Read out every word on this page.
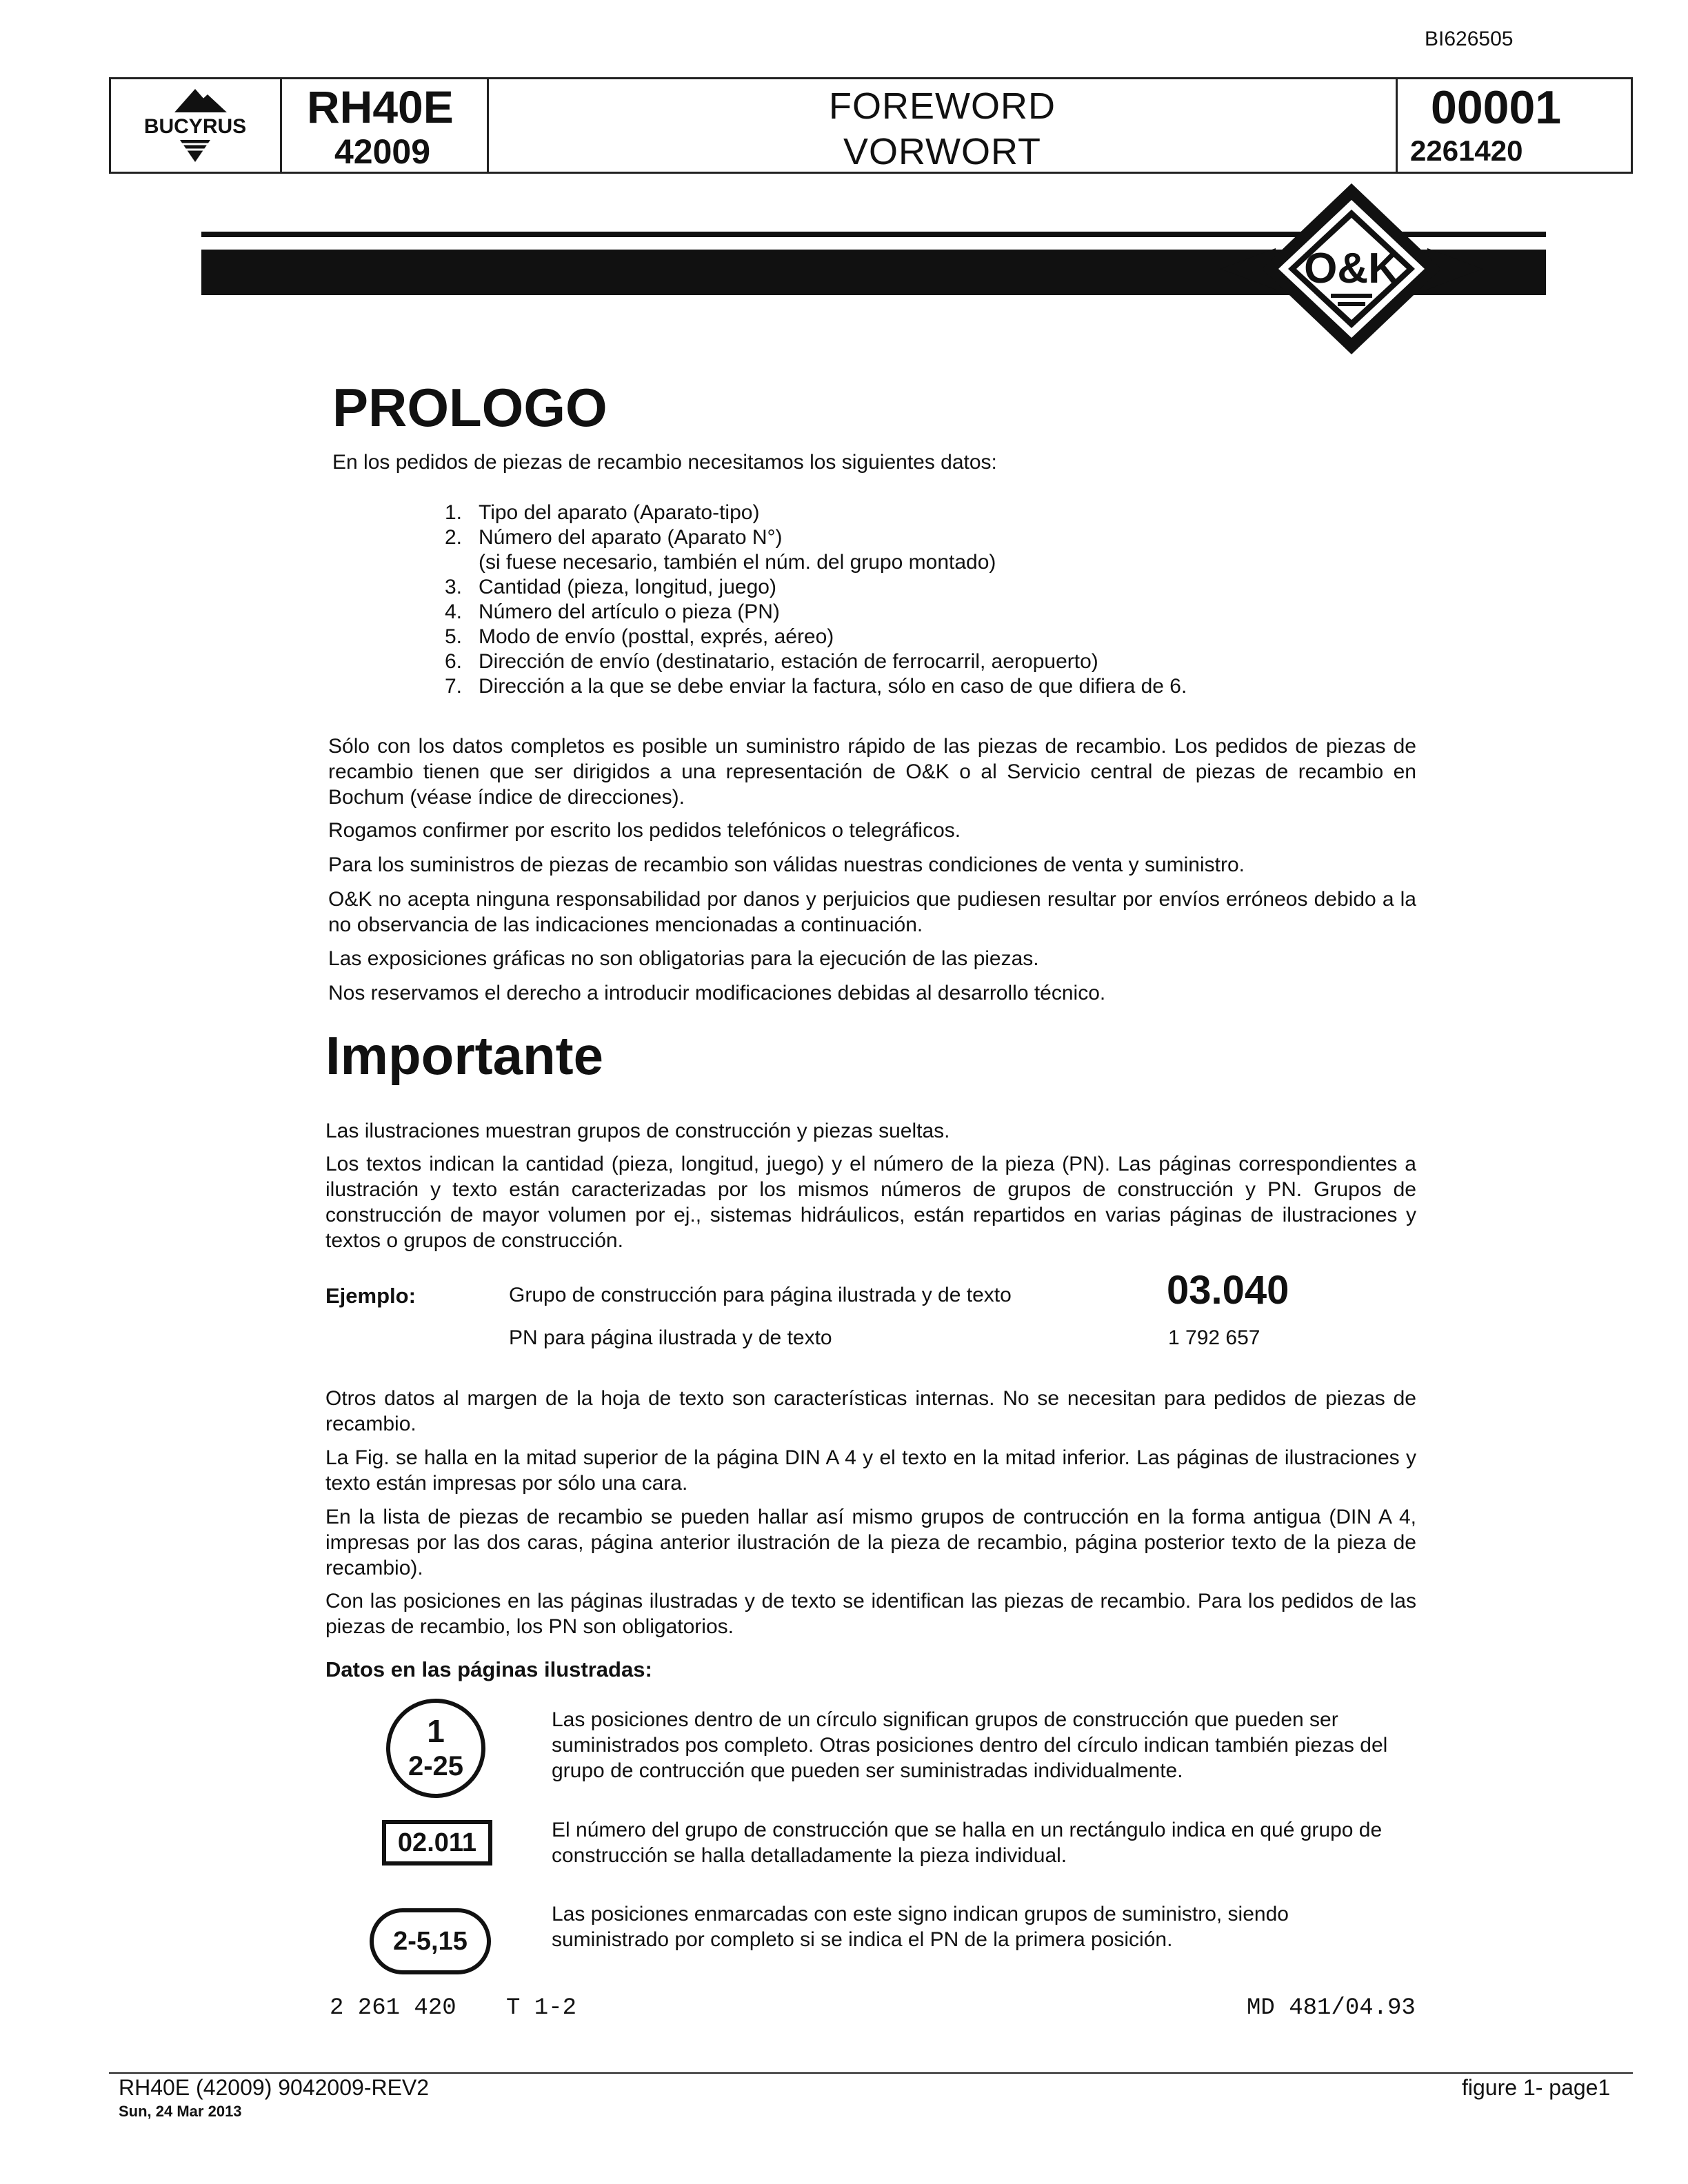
BI626505
BUCYRUS RH40E
42009
FOREWORD
VORWORT
00001
2261420
O&K
PROLOGO

En los pedidos de piezas de recambio necesitamos los siguientes datos:

1. Tipo del aparato (Aparato-tipo)
2. Número del aparato (Aparato N°)
(si fuese necesario, también el núm. del grupo montado)
3. Cantidad (pieza, longitud, juego)
4. Número del artículo o pieza (PN)
5. Modo de envío (posttal, exprés, aéreo)
6. Dirección de envío (destinatario, estación de ferrocarril, aeropuerto)
7. Dirección a la que se debe enviar la factura, sólo en caso de que difiera de 6.

Sólo con los datos completos es posible un suministro rápido de las piezas de recambio. Los pedidos de piezas de recambio tienen que ser dirigidos a una representación de O&K o al Servicio central de piezas de recambio en Bochum (véase índice de direcciones).

Rogamos confirmer por escrito los pedidos telefónicos o telegráficos.

Para los suministros de piezas de recambio son válidas nuestras condiciones de venta y suministro.

O&K no acepta ninguna responsabilidad por danos y perjuicios que pudiesen resultar por envíos erróneos debido a la no observancia de las indicaciones mencionadas a continuación.

Las exposiciones gráficas no son obligatorias para la ejecución de las piezas.

Nos reservamos el derecho a introducir modificaciones debidas al desarrollo técnico.

Importante

Las ilustraciones muestran grupos de construcción y piezas sueltas.

Los textos indican la cantidad (pieza, longitud, juego) y el número de la pieza (PN). Las páginas correspondientes a ilustración y texto están caracterizadas por los mismos números de grupos de construcción y PN. Grupos de construcción de mayor volumen por ej., sistemas hidráulicos, están repartidos en varias páginas de ilustraciones y textos o grupos de construcción.

Ejemplo:	Grupo de construcción para página ilustrada y de texto	03.040
PN para página ilustrada y de texto	1 792 657

Otros datos al margen de la hoja de texto son características internas. No se necesitan para pedidos de piezas de recambio.

La Fig. se halla en la mitad superior de la página DIN A 4 y el texto en la mitad inferior. Las páginas de ilustraciones y texto están impresas por sólo una cara.

En la lista de piezas de recambio se pueden hallar así mismo grupos de contrucción en la forma antigua (DIN A 4, impresas por las dos caras, página anterior ilustración de la pieza de recambio, página posterior texto de la pieza de recambio).

Con las posiciones en las páginas ilustradas y de texto se identifican las piezas de recambio. Para los pedidos de las piezas de recambio, los PN son obligatorios.

Datos en las páginas ilustradas:
1
2-25

Las posiciones dentro de un círculo significan grupos de construcción que pueden ser suministrados pos completo. Otras posiciones dentro del círculo indican también piezas del grupo de contrucción que pueden ser suministradas individualmente.

02.011	El número del grupo de construcción que se halla en un rectángulo indica en qué grupo de construcción se halla detalladamente la pieza individual.

2-5,15

Las posiciones enmarcadas con este signo indican grupos de suministro, siendo suministrado por completo si se indica el PN de la primera posición.

2 261 420 T 1-2	MD 481/04.93
RH40E (42009) 9042009-REV2
Sun, 24 Mar 2013
figure 1- page1
